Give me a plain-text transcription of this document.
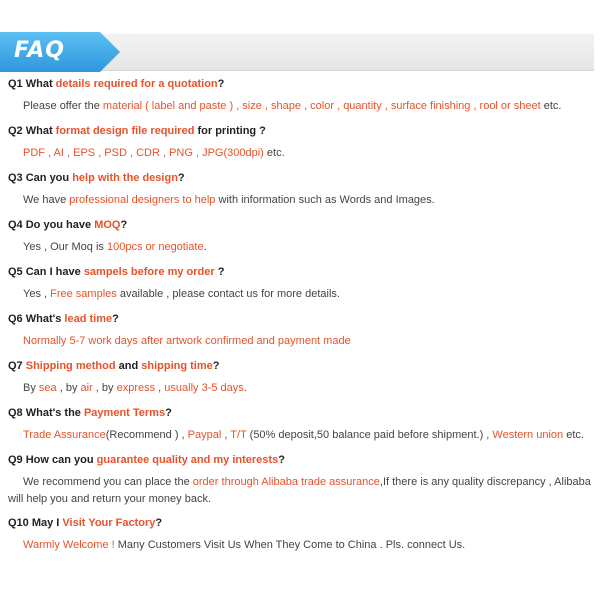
FAQ
Q1 What details required for a quotation?
Please offer the material ( label and paste ) , size , shape , color , quantity , surface finishing , rool or sheet etc.
Q2 What format design file required for printing ?
PDF , AI , EPS , PSD , CDR , PNG , JPG(300dpi) etc.
Q3 Can you help with the design?
We have professional designers to help with information such as Words and Images.
Q4 Do you have MOQ?
Yes , Our Moq is 100pcs or negotiate.
Q5 Can I have sampels before my order ?
Yes , Free samples available , please contact us for more details.
Q6 What's lead time?
Normally 5-7 work days after artwork confirmed and payment made
Q7 Shipping method and shipping time?
By sea , by air , by express , usually 3-5 days.
Q8 What's the Payment Terms?
Trade Assurance(Recommend ) , Paypal , T/T (50% deposit,50 balance paid before shipment.) , Western union etc.
Q9 How can you guarantee quality and my interests?
We recommend you can place the order through Alibaba trade assurance,If there is any quality discrepancy , Alibaba will help you and return your money back.
Q10 May I Visit Your Factory?
Warmly Welcome ! Many Customers Visit Us When They Come to China . Pls. connect Us.
